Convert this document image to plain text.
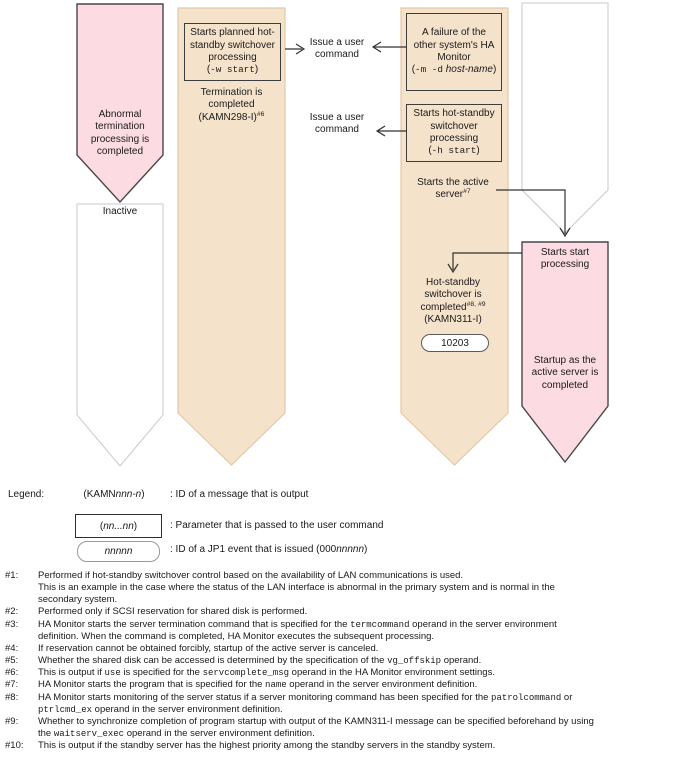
Abnormal
termination
processing is
completed
Inactive
Starts planned hot-
standby switchover
processing
(-w start)
Termination is
completed
(KAMN298-I)$^{\#6}$
Issue a user
command
Issue a user
command
A failure of the
other system's HA
Monitor
(-m -d host-name)
Starts hot-standby
switchover
processing
(-h start)
Starts the active
server$^{\#7}$
Hot-standby
switchover is
completed$^{\#8, \#9}$
(KAMN311-I)
10203
Starts start
processing
Startup as the
active server is
completed
Legend:	(KAMNnnn-n)	: ID of a message that is output
(nn...nn)	: Parameter that is passed to the user command
nnnnn	: ID of a JP1 event that is issued (000nnnnn)
#1:	Performed if hot-standby switchover control based on the availability of LAN communications is used.
This is an example in the case where the status of the LAN interface is abnormal in the primary system and is normal in the
secondary system.
#2:	Performed only if SCSI reservation for shared disk is performed.
#3:	HA Monitor starts the server termination command that is specified for the termcommand operand in the server environment
definition. When the command is completed, HA Monitor executes the subsequent processing.
#4:	If reservation cannot be obtained forcibly, startup of the active server is canceled.
#5:	Whether the shared disk can be accessed is determined by the specification of the vg_offskip operand.
#6:	This is output if use is specified for the servcomplete_msg operand in the HA Monitor environment settings.
#7:	HA Monitor starts the program that is specified for the name operand in the server environment definition.
#8:	HA Monitor starts monitoring of the server status if a server monitoring command has been specified for the patrolcommand or
ptrlcmd_ex operand in the server environment definition.
#9:	Whether to synchronize completion of program startup with output of the KAMN311-I message can be specified beforehand by using
the waitserv_exec operand in the server environment definition.
#10:	This is output if the standby server has the highest priority among the standby servers in the standby system.
